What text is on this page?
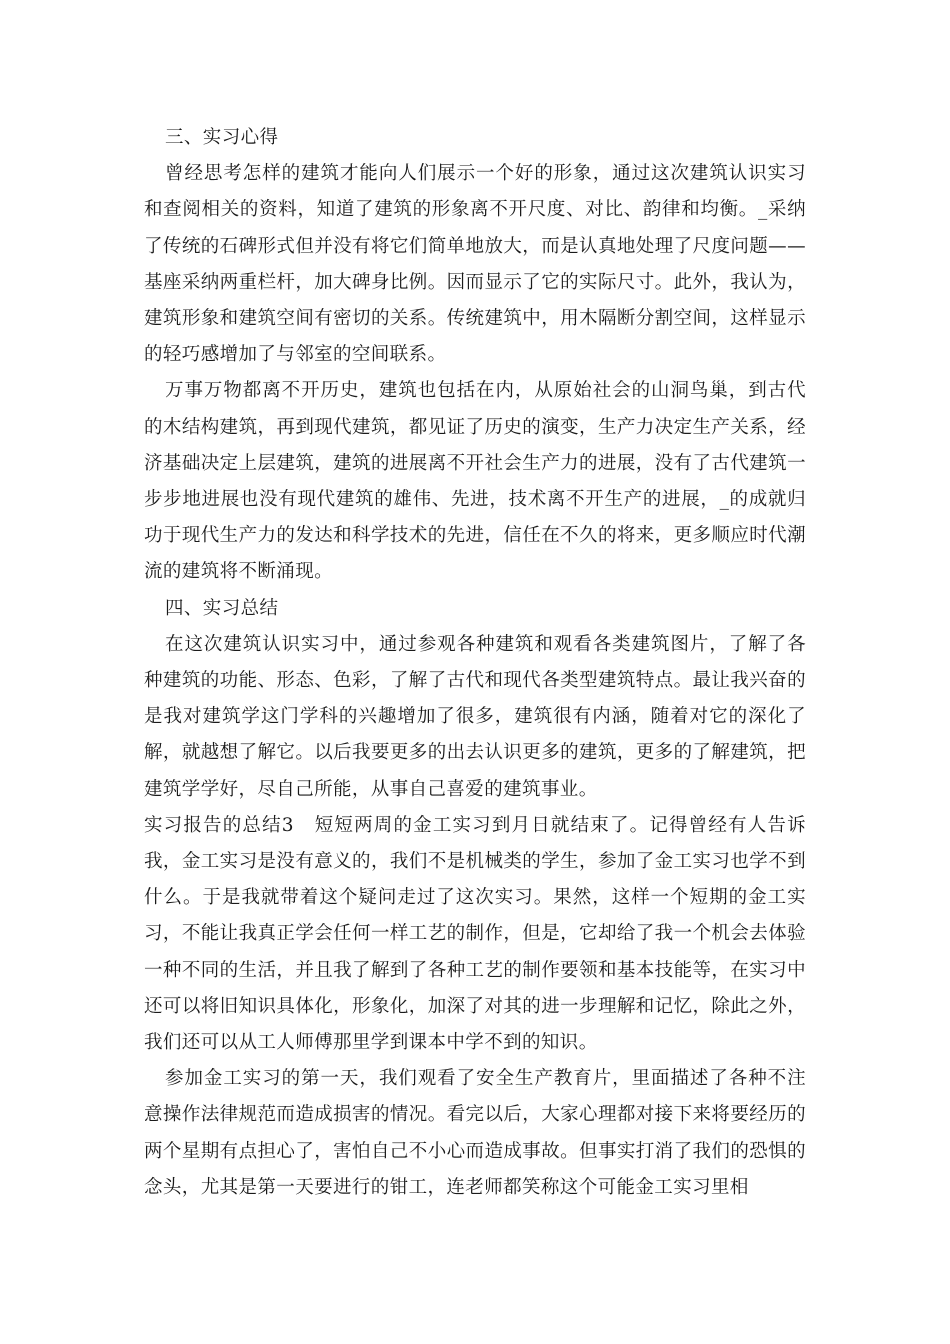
三、实习心得

曾经思考怎样的建筑才能向人们展示一个好的形象，通过这次建筑认识实习和查阅相关的资料，知道了建筑的形象离不开尺度、对比、韵律和均衡。_采纳了传统的石碑形式但并没有将它们简单地放大，而是认真地处理了尺度问题——基座采纳两重栏杆，加大碑身比例。因而显示了它的实际尺寸。此外，我认为，建筑形象和建筑空间有密切的关系。传统建筑中，用木隔断分割空间，这样显示的轻巧感增加了与邻室的空间联系。

万事万物都离不开历史，建筑也包括在内，从原始社会的山洞鸟巢，到古代的木结构建筑，再到现代建筑，都见证了历史的演变，生产力决定生产关系，经济基础决定上层建筑，建筑的进展离不开社会生产力的进展，没有了古代建筑一步步地进展也没有现代建筑的雄伟、先进，技术离不开生产的进展，_的成就归功于现代生产力的发达和科学技术的先进，信任在不久的将来，更多顺应时代潮流的建筑将不断涌现。

四、实习总结

在这次建筑认识实习中，通过参观各种建筑和观看各类建筑图片，了解了各种建筑的功能、形态、色彩，了解了古代和现代各类型建筑特点。最让我兴奋的是我对建筑学这门学科的兴趣增加了很多，建筑很有内涵，随着对它的深化了解，就越想了解它。以后我要更多的出去认识更多的建筑，更多的了解建筑，把建筑学学好，尽自己所能，从事自己喜爱的建筑事业。

实习报告的总结3 短短两周的金工实习到月日就结束了。记得曾经有人告诉我，金工实习是没有意义的，我们不是机械类的学生，参加了金工实习也学不到什么。于是我就带着这个疑问走过了这次实习。果然，这样一个短期的金工实习，不能让我真正学会任何一样工艺的制作，但是，它却给了我一个机会去体验一种不同的生活，并且我了解到了各种工艺的制作要领和基本技能等，在实习中还可以将旧知识具体化，形象化，加深了对其的进一步理解和记忆，除此之外，我们还可以从工人师傅那里学到课本中学不到的知识。

参加金工实习的第一天，我们观看了安全生产教育片，里面描述了各种不注意操作法律规范而造成损害的情况。看完以后，大家心理都对接下来将要经历的两个星期有点担心了，害怕自己不小心而造成事故。但事实打消了我们的恐惧的念头，尤其是第一天要进行的钳工，连老师都笑称这个可能金工实习里相
